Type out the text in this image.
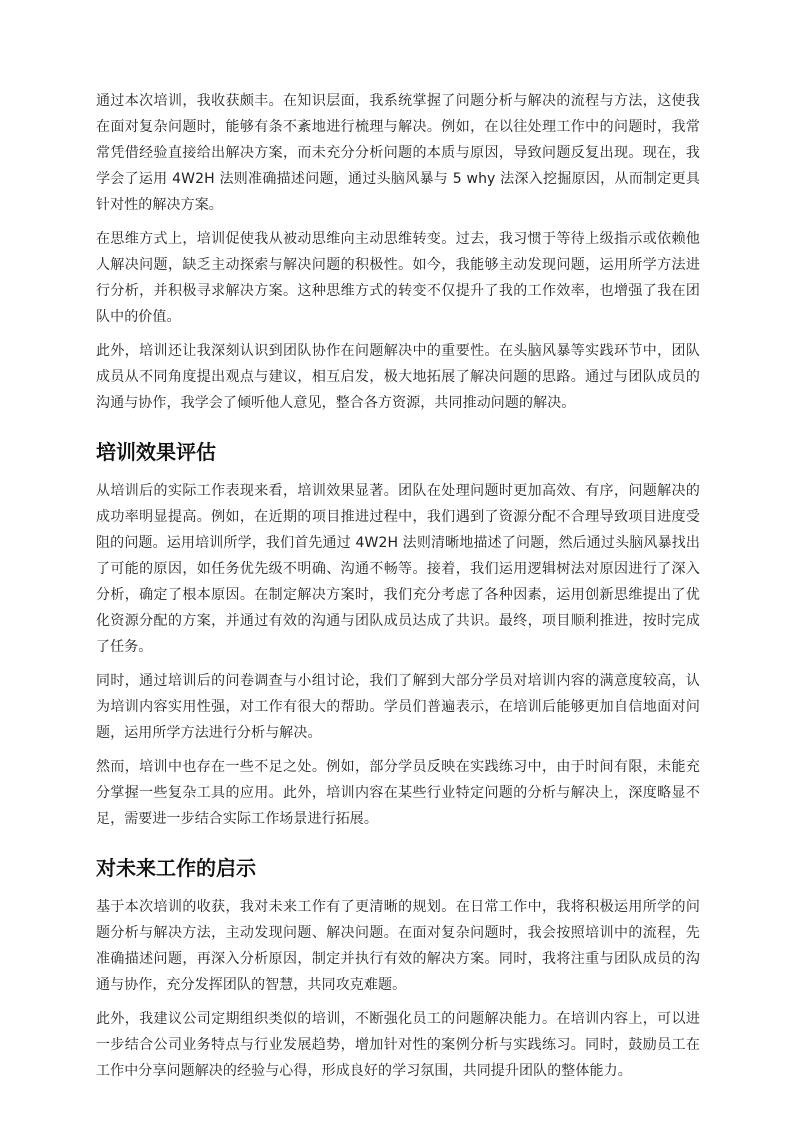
通过本次培训，我收获颇丰。在知识层面，我系统掌握了问题分析与解决的流程与方法，这使我在面对复杂问题时，能够有条不紊地进行梳理与解决。例如，在以往处理工作中的问题时，我常常凭借经验直接给出解决方案，而未充分分析问题的本质与原因，导致问题反复出现。现在，我学会了运用 4W2H 法则准确描述问题，通过头脑风暴与 5 why 法深入挖掘原因，从而制定更具针对性的解决方案。

在思维方式上，培训促使我从被动思维向主动思维转变。过去，我习惯于等待上级指示或依赖他人解决问题，缺乏主动探索与解决问题的积极性。如今，我能够主动发现问题，运用所学方法进行分析，并积极寻求解决方案。这种思维方式的转变不仅提升了我的工作效率，也增强了我在团队中的价值。

此外，培训还让我深刻认识到团队协作在问题解决中的重要性。在头脑风暴等实践环节中，团队成员从不同角度提出观点与建议，相互启发，极大地拓展了解决问题的思路。通过与团队成员的沟通与协作，我学会了倾听他人意见，整合各方资源，共同推动问题的解决。

培训效果评估

从培训后的实际工作表现来看，培训效果显著。团队在处理问题时更加高效、有序，问题解决的成功率明显提高。例如，在近期的项目推进过程中，我们遇到了资源分配不合理导致项目进度受阻的问题。运用培训所学，我们首先通过 4W2H 法则清晰地描述了问题，然后通过头脑风暴找出了可能的原因，如任务优先级不明确、沟通不畅等。接着，我们运用逻辑树法对原因进行了深入分析，确定了根本原因。在制定解决方案时，我们充分考虑了各种因素，运用创新思维提出了优化资源分配的方案，并通过有效的沟通与团队成员达成了共识。最终，项目顺利推进，按时完成了任务。

同时，通过培训后的问卷调查与小组讨论，我们了解到大部分学员对培训内容的满意度较高，认为培训内容实用性强，对工作有很大的帮助。学员们普遍表示，在培训后能够更加自信地面对问题，运用所学方法进行分析与解决。

然而，培训中也存在一些不足之处。例如，部分学员反映在实践练习中，由于时间有限，未能充分掌握一些复杂工具的应用。此外，培训内容在某些行业特定问题的分析与解决上，深度略显不足，需要进一步结合实际工作场景进行拓展。

对未来工作的启示

基于本次培训的收获，我对未来工作有了更清晰的规划。在日常工作中，我将积极运用所学的问题分析与解决方法，主动发现问题、解决问题。在面对复杂问题时，我会按照培训中的流程，先准确描述问题，再深入分析原因，制定并执行有效的解决方案。同时，我将注重与团队成员的沟通与协作，充分发挥团队的智慧，共同攻克难题。

此外，我建议公司定期组织类似的培训，不断强化员工的问题解决能力。在培训内容上，可以进一步结合公司业务特点与行业发展趋势，增加针对性的案例分析与实践练习。同时，鼓励员工在工作中分享问题解决的经验与心得，形成良好的学习氛围，共同提升团队的整体能力。
